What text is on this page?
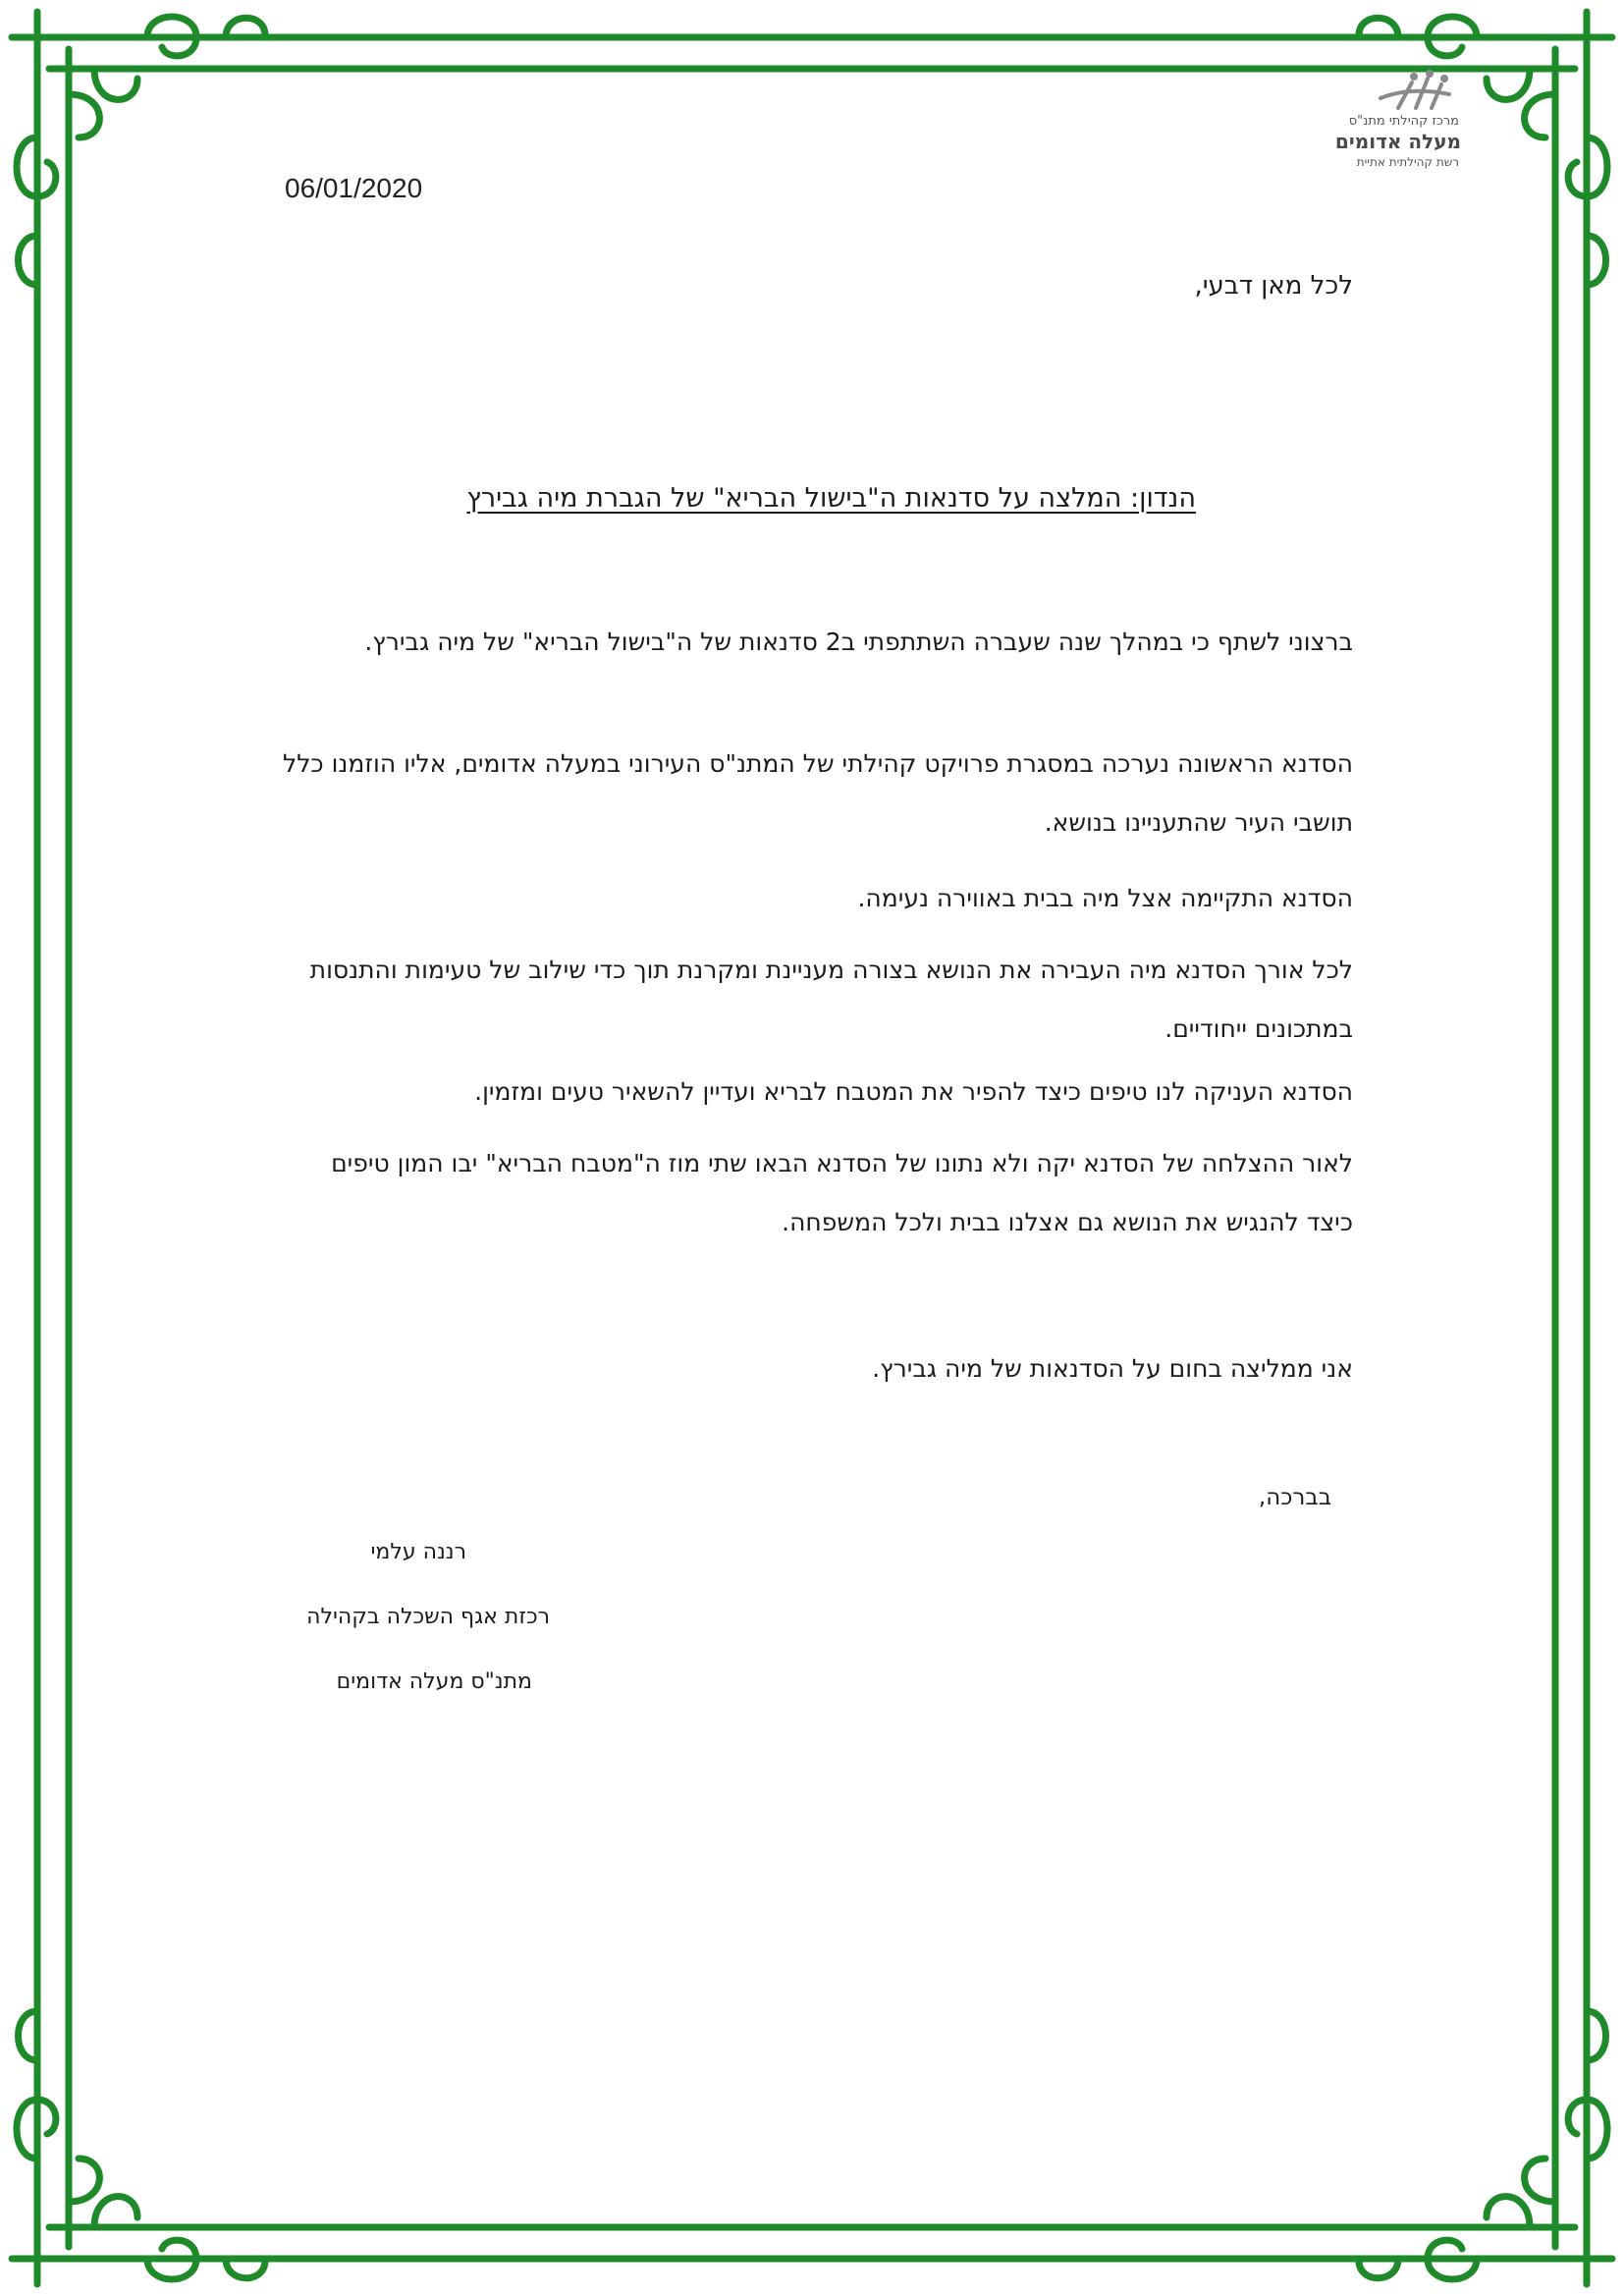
מרכז קהילתי מתנ"ס
מעלה אדומים
רשת קהילתית אתיית
06/01/2020
לכל מאן דבעי,
הנדון: המלצה על סדנאות ה"בישול הבריא" של הגברת מיה גבירץ

ברצוני לשתף כי במהלך שנה שעברה השתתפתי ב2 סדנאות של ה"בישול הבריא" של מיה גבירץ.

הסדנא הראשונה נערכה במסגרת פרויקט קהילתי של המתנ"ס העירוני במעלה אדומים, אליו הוזמנו כלל תושבי העיר שהתעניינו בנושא.

הסדנא התקיימה אצל מיה בבית באווירה נעימה.

לכל אורך הסדנא מיה העבירה את הנושא בצורה מעניינת ומקרנת תוך כדי שילוב של טעימות והתנסות במתכונים ייחודיים.

הסדנא העניקה לנו טיפים כיצד להפיר את המטבח לבריא ועדיין להשאיר טעים ומזמין.

לאור ההצלחה של הסדנא יקה ולא נתונו של הסדנא הבאו שתי מוז ה"מטבח הבריא" יבו המון טיפים כיצד להנגיש את הנושא גם אצלנו בבית ולכל המשפחה.

אני ממליצה בחום על הסדנאות של מיה גבירץ.

בברכה,
רננה עלמי
רכזת אגף השכלה בקהילה
מתנ"ס מעלה אדומים
